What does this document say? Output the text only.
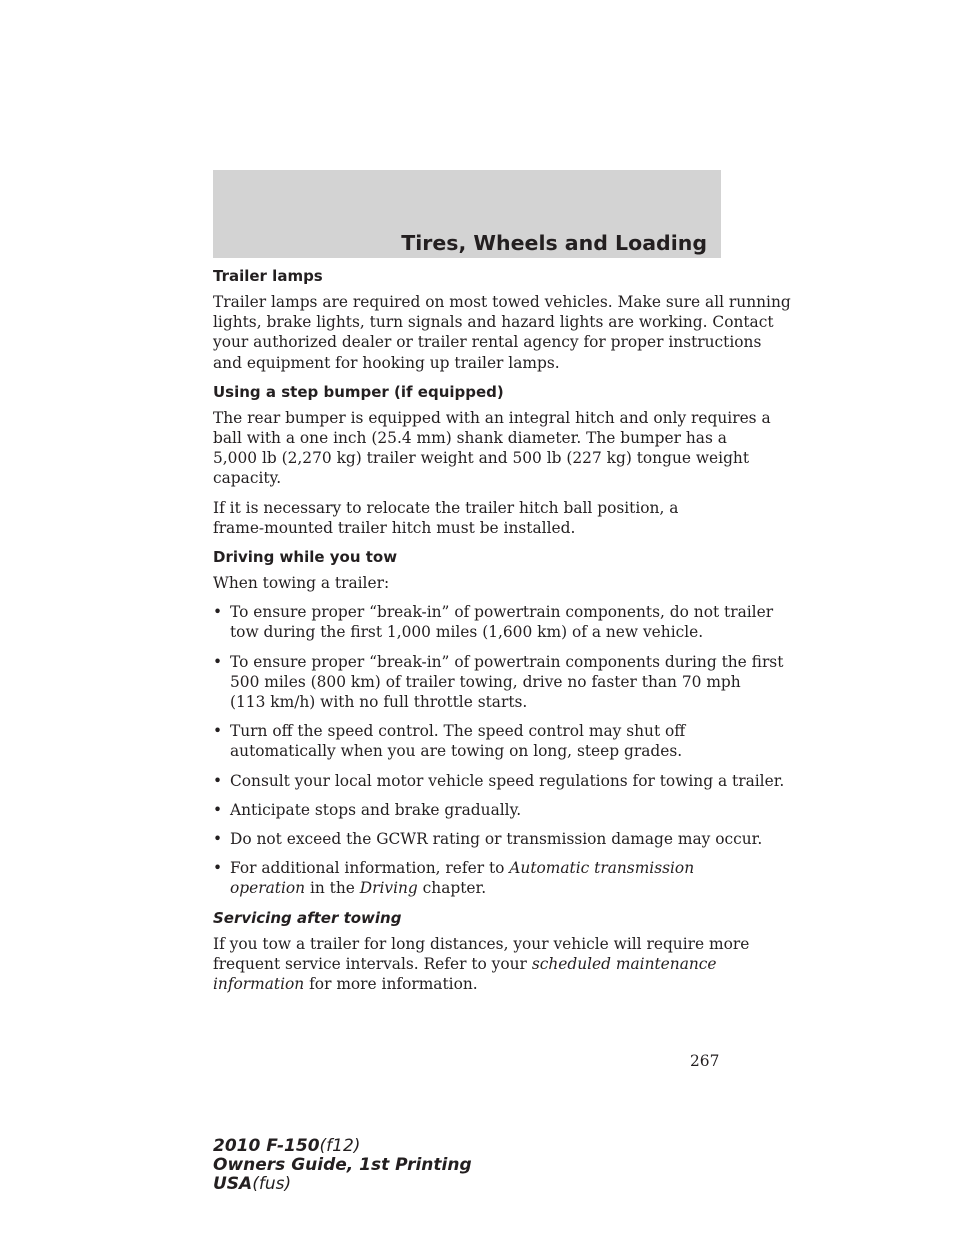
Tires, Wheels and Loading
Trailer lamps
Trailer lamps are required on most towed vehicles. Make sure all running
lights, brake lights, turn signals and hazard lights are working. Contact
your authorized dealer or trailer rental agency for proper instructions
and equipment for hooking up trailer lamps.
Using a step bumper (if equipped)
The rear bumper is equipped with an integral hitch and only requires a
ball with a one inch (25.4 mm) shank diameter. The bumper has a
5,000 lb (2,270 kg) trailer weight and 500 lb (227 kg) tongue weight
capacity.
If it is necessary to relocate the trailer hitch ball position, a
frame-mounted trailer hitch must be installed.
Driving while you tow
When towing a trailer:
• To ensure proper “break-in” of powertrain components, do not trailer
tow during the first 1,000 miles (1,600 km) of a new vehicle.
• To ensure proper “break-in” of powertrain components during the first
500 miles (800 km) of trailer towing, drive no faster than 70 mph
(113 km/h) with no full throttle starts.
• Turn off the speed control. The speed control may shut off
automatically when you are towing on long, steep grades.
• Consult your local motor vehicle speed regulations for towing a trailer.
• Anticipate stops and brake gradually.
• Do not exceed the GCWR rating or transmission damage may occur.
• For additional information, refer to Automatic transmission
operation in the Driving chapter.
Servicing after towing
If you tow a trailer for long distances, your vehicle will require more
frequent service intervals. Refer to your scheduled maintenance
information for more information.
267
2010 F-150(f12)
Owners Guide, 1st Printing
USA(fus)
